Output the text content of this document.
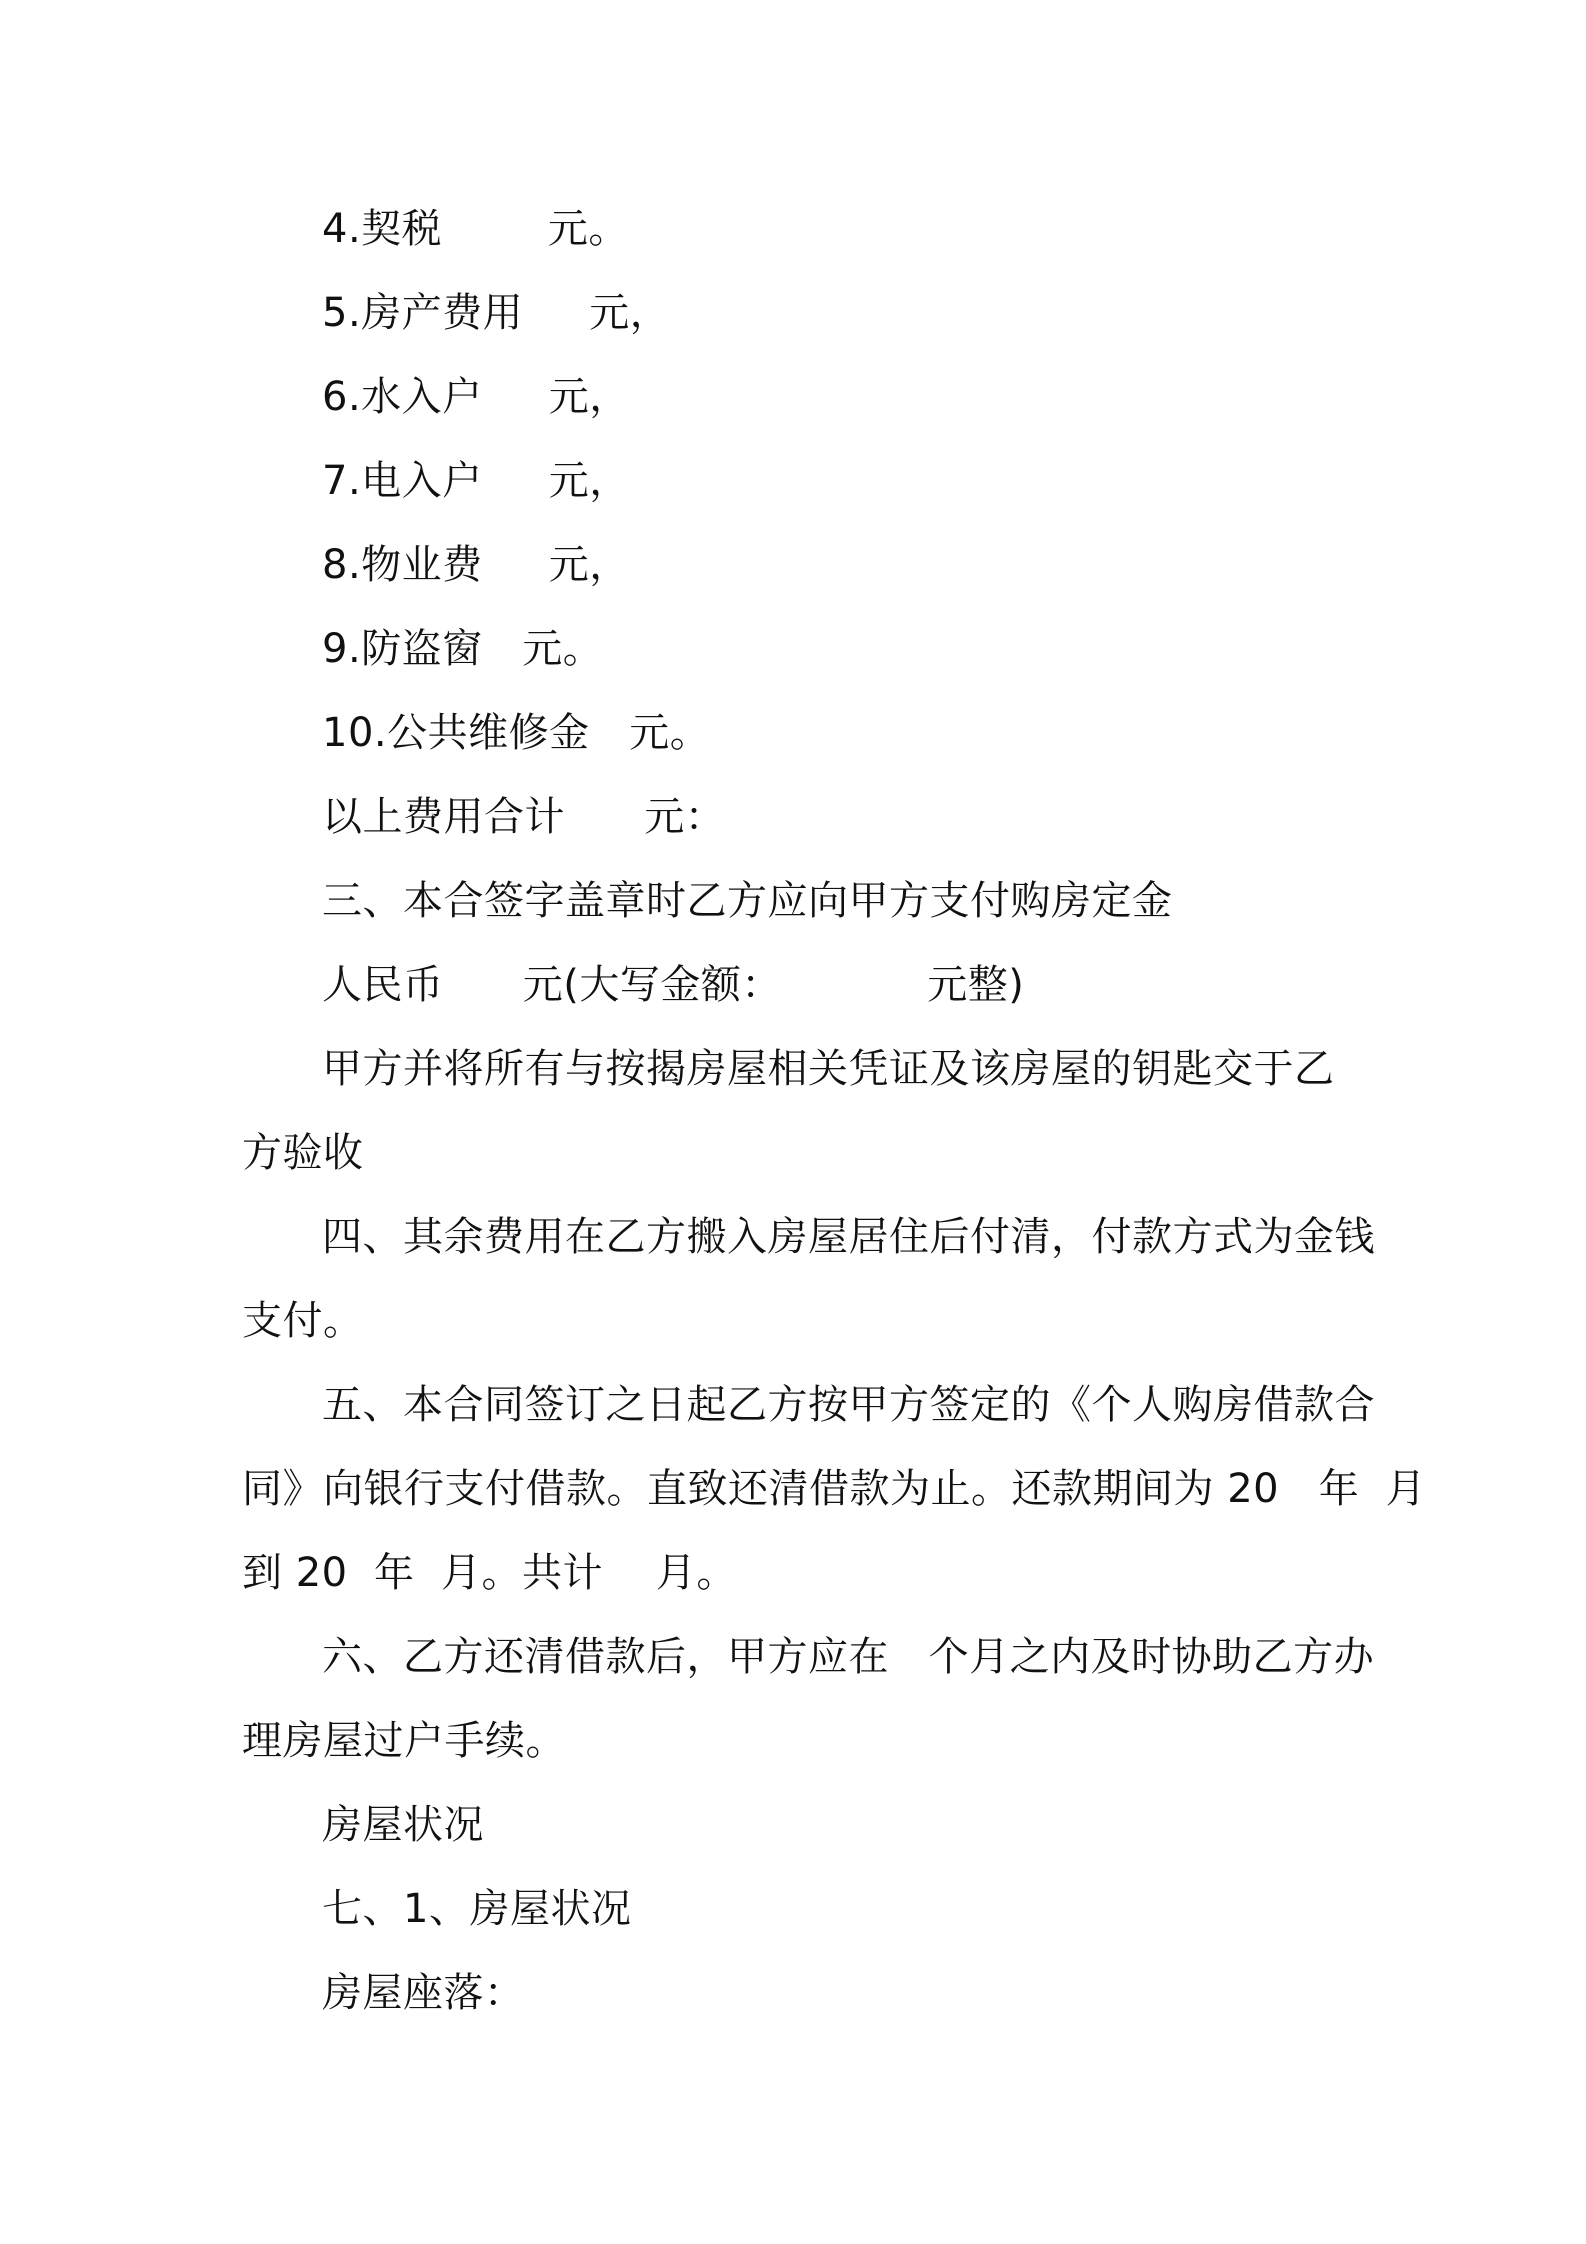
4.契税        元。
5.房产费用     元，
6.水入户     元，
7.电入户     元，
8.物业费     元，
9.防盗窗   元。
10.公共维修金   元。
以上费用合计      元：
三、本合签字盖章时乙方应向甲方支付购房定金
人民币      元(大写金额：           元整)
甲方并将所有与按揭房屋相关凭证及该房屋的钥匙交于乙
方验收
四、其余费用在乙方搬入房屋居住后付清，付款方式为金钱
支付。
五、本合同签订之日起乙方按甲方签定的《个人购房借款合
同》向银行支付借款。直致还清借款为止。还款期间为 20   年  月
到 20  年  月。共计    月。
六、乙方还清借款后，甲方应在   个月之内及时协助乙方办
理房屋过户手续。
房屋状况
七、1、房屋状况
房屋座落：
